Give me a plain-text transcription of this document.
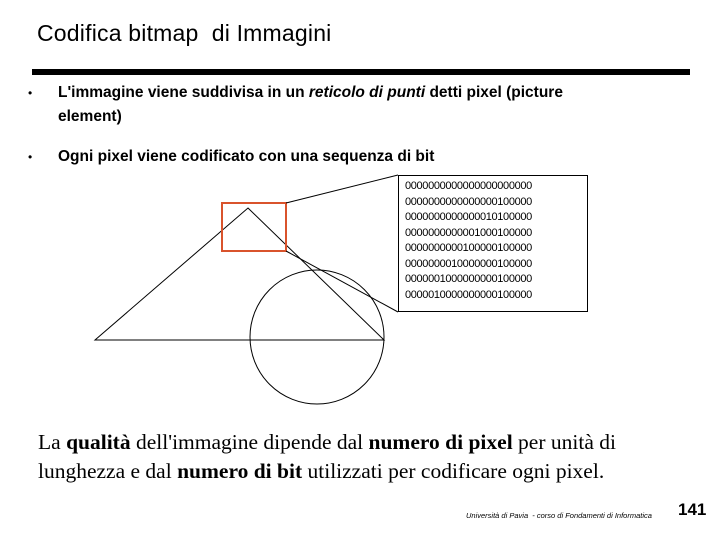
Codifica bitmap  di Immagini
• L'immagine viene suddivisa in un reticolo di punti detti pixel (picture
element)
• Ogni pixel viene codificato con una sequenza di bit
0000000000000000000000
0000000000000000100000
0000000000000010100000
0000000000001000100000
0000000000100000100000
0000000010000000100000
0000001000000000100000
0000010000000000100000
La qualità dell'immagine dipende dal numero di pixel per unità di lunghezza e dal numero di bit utilizzati per codificare ogni pixel.
Università di Pavia  - corso di Fondamenti di Informatica 141
